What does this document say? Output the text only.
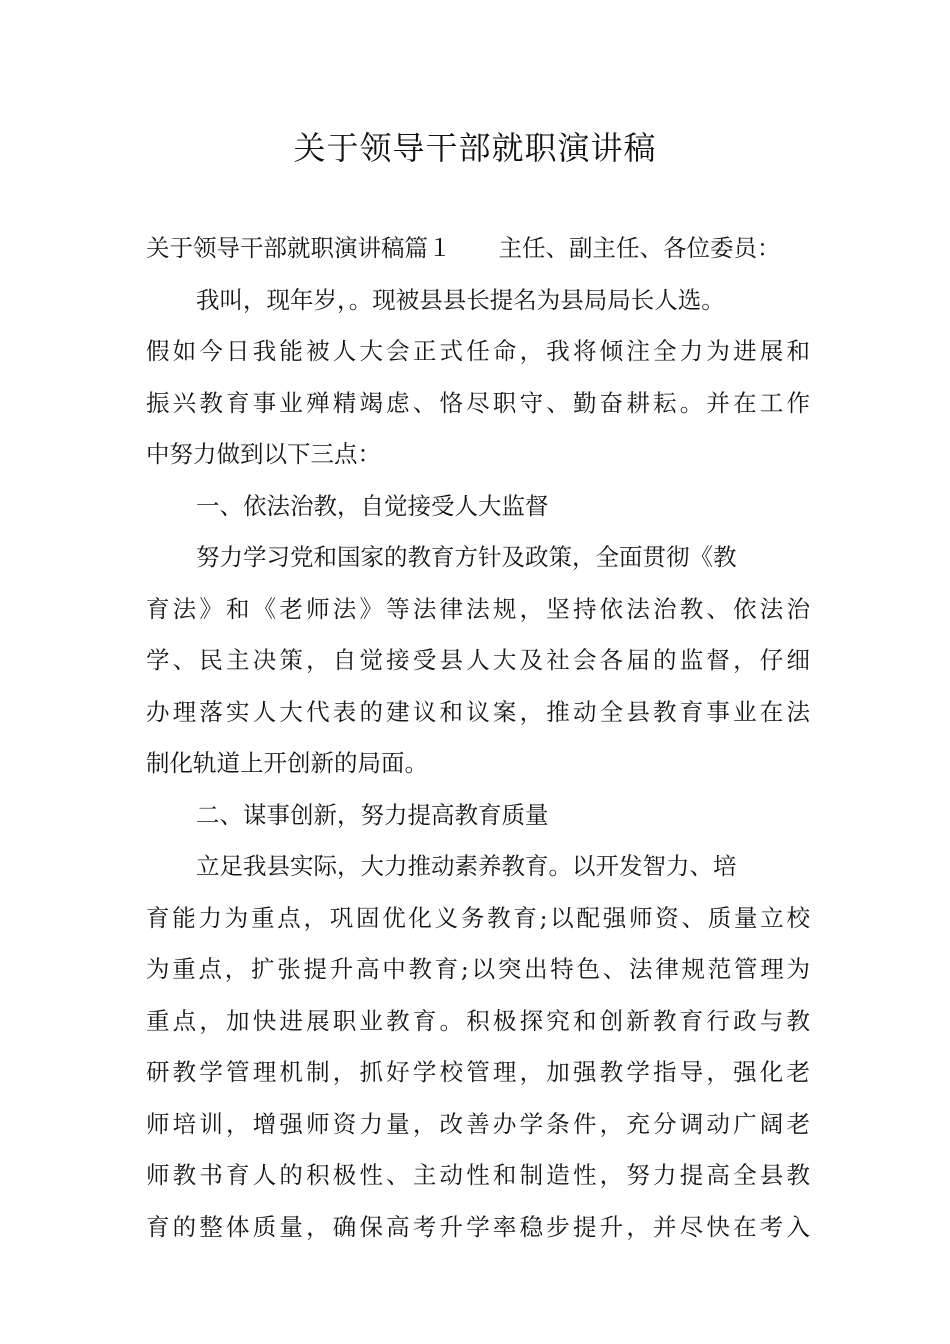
关于领导干部就职演讲稿
关于领导干部就职演讲稿篇１　　主任、副主任、各位委员：
我叫，现年岁，。现被县县长提名为县局局长人选。
假如今日我能被人大会正式任命，我将倾注全力为进展和
振兴教育事业殚精竭虑、恪尽职守、勤奋耕耘。并在工作
中努力做到以下三点：
一、依法治教，自觉接受人大监督
努力学习党和国家的教育方针及政策，全面贯彻《教
育法》和《老师法》等法律法规，坚持依法治教、依法治
学、民主决策，自觉接受县人大及社会各届的监督，仔细
办理落实人大代表的建议和议案，推动全县教育事业在法
制化轨道上开创新的局面。
二、谋事创新，努力提高教育质量
立足我县实际，大力推动素养教育。以开发智力、培
育能力为重点，巩固优化义务教育;以配强师资、质量立校
为重点，扩张提升高中教育;以突出特色、法律规范管理为
重点，加快进展职业教育。积极探究和创新教育行政与教
研教学管理机制，抓好学校管理，加强教学指导，强化老
师培训，增强师资力量，改善办学条件，充分调动广阔老
师教书育人的积极性、主动性和制造性，努力提高全县教
育的整体质量，确保高考升学率稳步提升，并尽快在考入
